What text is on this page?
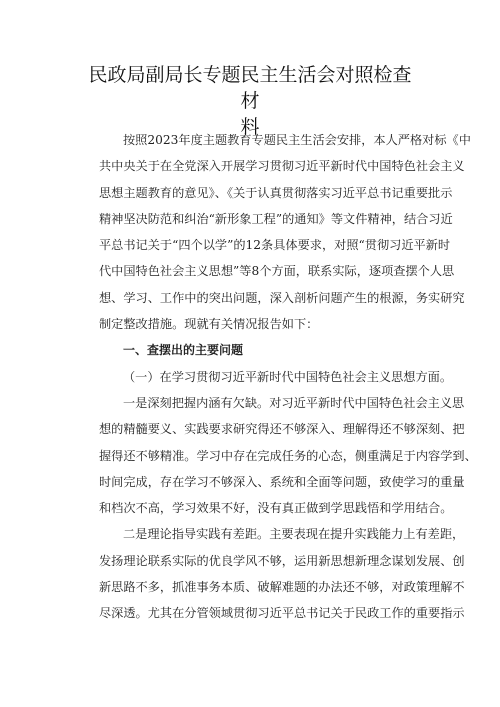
民政局副局长专题民主生活会对照检查材
料
按照2023年度主题教育专题民主生活会安排，本人严格对标《中
共中央关于在全党深入开展学习贯彻习近平新时代中国特色社会主义
思想主题教育的意见》、《关于认真贯彻落实习近平总书记重要批示
精神坚决防范和纠治“新形象工程”的通知》等文件精神，结合习近
平总书记关于“四个以学”的12条具体要求，对照“贯彻习近平新时
代中国特色社会主义思想”等8个方面，联系实际，逐项查摆个人思
想、学习、工作中的突出问题，深入剖析问题产生的根源，务实研究
制定整改措施。现就有关情况报告如下：
一、查摆出的主要问题
（一）在学习贯彻习近平新时代中国特色社会主义思想方面。
一是深刻把握内涵有欠缺。对习近平新时代中国特色社会主义思
想的精髓要义、实践要求研究得还不够深入、理解得还不够深刻、把
握得还不够精准。学习中存在完成任务的心态，侧重满足于内容学到、
时间完成，存在学习不够深入、系统和全面等问题，致使学习的重量
和档次不高，学习效果不好，没有真正做到学思践悟和学用结合。
二是理论指导实践有差距。主要表现在提升实践能力上有差距，
发扬理论联系实际的优良学风不够，运用新思想新理念谋划发展、创
新思路不多，抓准事务本质、破解难题的办法还不够，对政策理解不
尽深透。尤其在分管领域贯彻习近平总书记关于民政工作的重要指示
